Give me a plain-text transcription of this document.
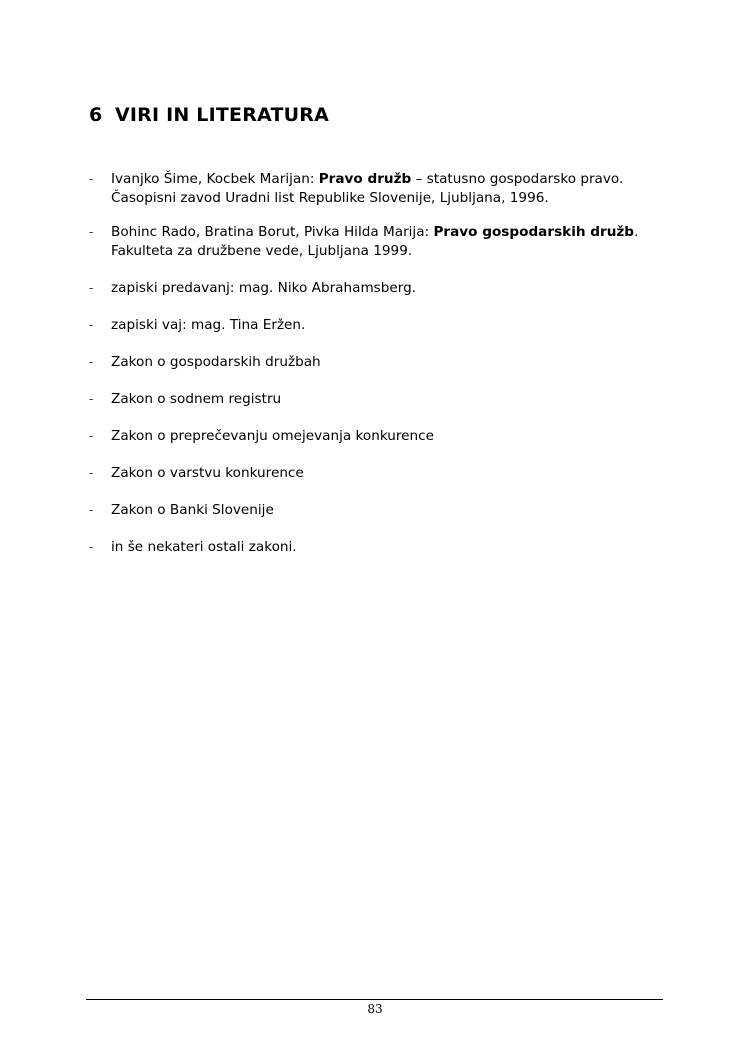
6 VIRI IN LITERATURA
- Ivanjko Šime, Kocbek Marijan: Pravo družb – statusno gospodarsko pravo.
Časopisni zavod Uradni list Republike Slovenije, Ljubljana, 1996.
- Bohinc Rado, Bratina Borut, Pivka Hilda Marija: Pravo gospodarskih družb.
Fakulteta za družbene vede, Ljubljana 1999.
- zapiski predavanj: mag. Niko Abrahamsberg.
- zapiski vaj: mag. Tina Eržen.
- Zakon o gospodarskih družbah
- Zakon o sodnem registru
- Zakon o preprečevanju omejevanja konkurence
- Zakon o varstvu konkurence
- Zakon o Banki Slovenije
- in še nekateri ostali zakoni.
83
